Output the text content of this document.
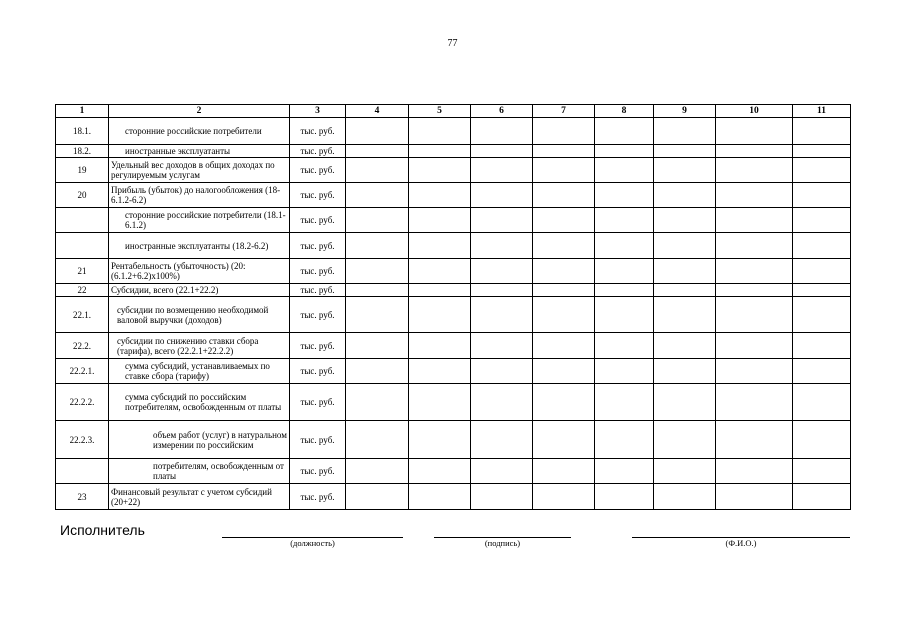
77
1	2	3	4	5	6	7	8	9	10	11
18.1.	сторонние российские потребители	тыс. руб.								
18.2.	иностранные эксплуатанты	тыс. руб.								
19	Удельный вес доходов в общих доходах по регулируемым услугам	тыс. руб.								
20	Прибыль (убыток) до налогообложения (18-6.1.2-6.2)	тыс. руб.								
	сторонние российские потребители (18.1-6.1.2)	тыс. руб.								
	иностранные эксплуатанты (18.2-6.2)	тыс. руб.								
21	Рентабельность (убыточность) (20:(6.1.2+6.2)x100%)	тыс. руб.								
22	Субсидии, всего (22.1+22.2)	тыс. руб.								
22.1.	субсидии по возмещению необходимой валовой выручки (доходов)	тыс. руб.								
22.2.	субсидии по снижению ставки сбора (тарифа), всего (22.2.1+22.2.2)	тыс. руб.								
22.2.1.	сумма субсидий, устанавливаемых по ставке сбора (тарифу)	тыс. руб.								
22.2.2.	сумма субсидий по российским потребителям, освобожденным от платы	тыс. руб.								
22.2.3.	объем работ (услуг) в натуральном измерении по российским	тыс. руб.								
	потребителям, освобожденным от платы	тыс. руб.								
23	Финансовый результат с учетом субсидий (20+22)	тыс. руб.								
Исполнитель
(должность)	(подпись)	(Ф.И.О.)
